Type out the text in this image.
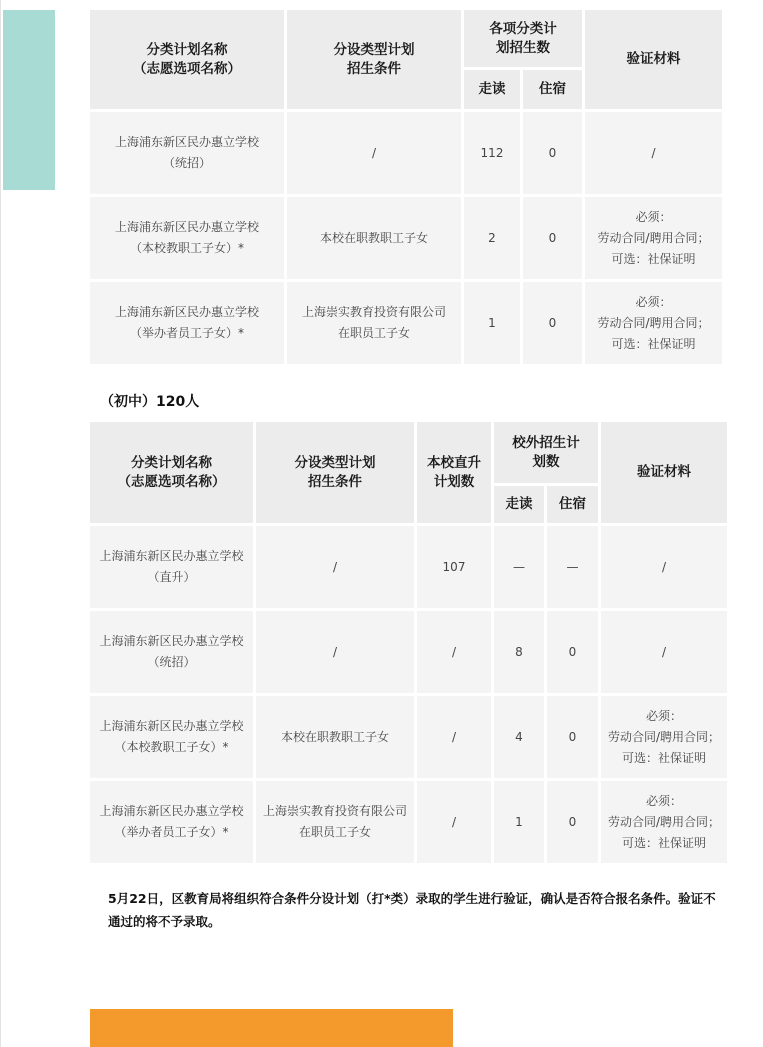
分类计划名称
（志愿选项名称）	分设类型计划
招生条件	各项分类计
划招生数		验证材料
		走读	住宿	

上海浦东新区民办惠立学校
（统招）	/	112	0	/

上海浦东新区民办惠立学校
（本校教职工子女）*	本校在职教职工子女	2	0	必须：
劳动合同/聘用合同；
可选：社保证明

上海浦东新区民办惠立学校
（举办者员工子女）*	上海崇实教育投资有限公司
在职员工子女	1	0	必须：
劳动合同/聘用合同；
可选：社保证明
（初中）120人
分类计划名称
（志愿选项名称）	分设类型计划
招生条件	本校直升
计划数	校外招生计
划数		验证材料
			走读	住宿	

上海浦东新区民办惠立学校
（直升）	/	107	—	—	/

上海浦东新区民办惠立学校
（统招）	/	/	8	0	/

上海浦东新区民办惠立学校
（本校教职工子女）*	本校在职教职工子女	/	4	0	必须：
劳动合同/聘用合同；
可选：社保证明

上海浦东新区民办惠立学校
（举办者员工子女）*	上海崇实教育投资有限公司
在职员工子女	/	1	0	必须：
劳动合同/聘用合同；
可选：社保证明

5月22日，区教育局将组织符合条件分设计划（打*类）录取的学生进行验证，确认是否符合报名条件。验证不通过的将不予录取。
